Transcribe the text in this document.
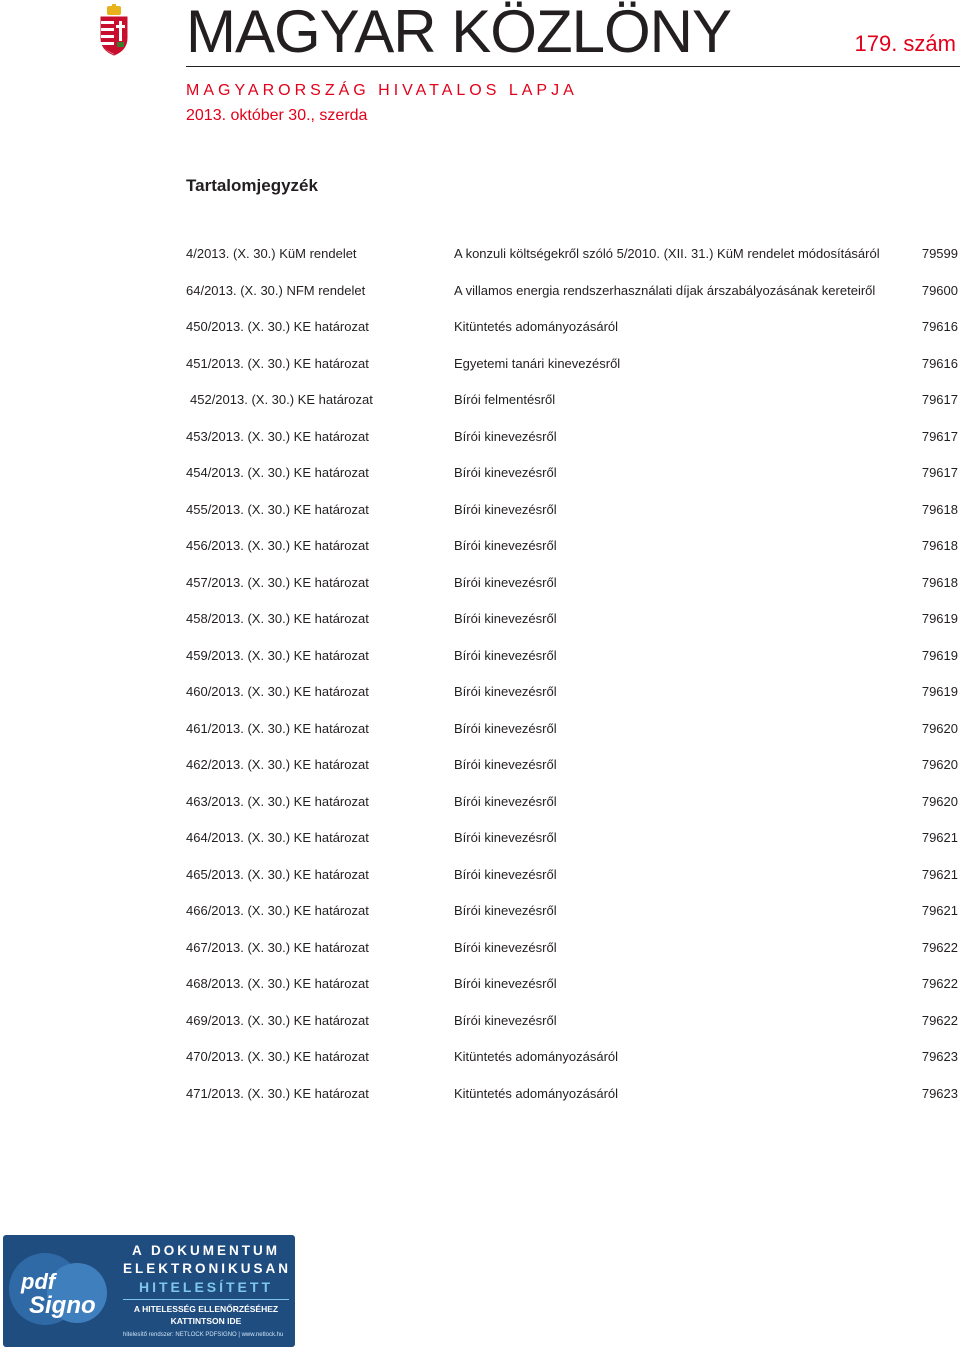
MAGYAR KÖZLÖNY	179. szám
MAGYARORSZÁG HIVATALOS LAPJA
2013. október 30., szerda
Tartalomjegyzék
4/2013. (X. 30.) KüM rendelet	A konzuli költségekről szóló 5/2010. (XII. 31.) KüM rendelet módosításáról	79599
64/2013. (X. 30.) NFM rendelet	A villamos energia rendszerhasználati díjak árszabályozásának kereteiről	79600
450/2013. (X. 30.) KE határozat	Kitüntetés adományozásáról	79616
451/2013. (X. 30.) KE határozat	Egyetemi tanári kinevezésről	79616
452/2013. (X. 30.) KE határozat	Bírói felmentésről	79617
453/2013. (X. 30.) KE határozat	Bírói kinevezésről	79617
454/2013. (X. 30.) KE határozat	Bírói kinevezésről	79617
455/2013. (X. 30.) KE határozat	Bírói kinevezésről	79618
456/2013. (X. 30.) KE határozat	Bírói kinevezésről	79618
457/2013. (X. 30.) KE határozat	Bírói kinevezésről	79618
458/2013. (X. 30.) KE határozat	Bírói kinevezésről	79619
459/2013. (X. 30.) KE határozat	Bírói kinevezésről	79619
460/2013. (X. 30.) KE határozat	Bírói kinevezésről	79619
461/2013. (X. 30.) KE határozat	Bírói kinevezésről	79620
462/2013. (X. 30.) KE határozat	Bírói kinevezésről	79620
463/2013. (X. 30.) KE határozat	Bírói kinevezésről	79620
464/2013. (X. 30.) KE határozat	Bírói kinevezésről	79621
465/2013. (X. 30.) KE határozat	Bírói kinevezésről	79621
466/2013. (X. 30.) KE határozat	Bírói kinevezésről	79621
467/2013. (X. 30.) KE határozat	Bírói kinevezésről	79622
468/2013. (X. 30.) KE határozat	Bírói kinevezésről	79622
469/2013. (X. 30.) KE határozat	Bírói kinevezésről	79622
470/2013. (X. 30.) KE határozat	Kitüntetés adományozásáról	79623
471/2013. (X. 30.) KE határozat	Kitüntetés adományozásáról	79623
pdf
Signo
A DOKUMENTUM
ELEKTRONIKUSAN
HITELESÍTETT
A HITELESSÉG ELLENŐRZÉSÉHEZ
KATTINTSON IDE
hitelesítő rendszer: NETLOCK PDFSIGNO | www.netlock.hu
